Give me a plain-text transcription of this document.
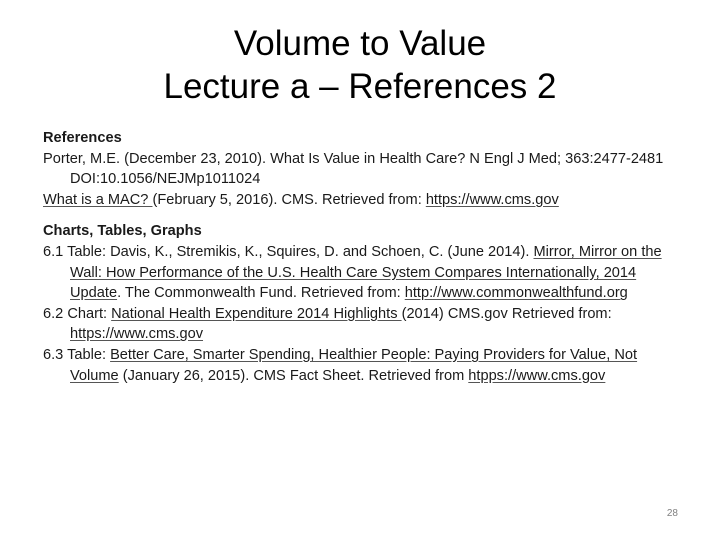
Volume to Value
Lecture a – References 2

References

Porter, M.E. (December 23, 2010). What Is Value in Health Care? N Engl J Med; 363:2477-2481 DOI:10.1056/NEJMp1011024

What is a MAC? (February 5, 2016). CMS. Retrieved from: https://www.cms.gov

Charts, Tables, Graphs

6.1 Table: Davis, K., Stremikis, K., Squires, D. and Schoen, C. (June 2014). Mirror, Mirror on the Wall: How Performance of the U.S. Health Care System Compares Internationally, 2014 Update. The Commonwealth Fund. Retrieved from: http://www.commonwealthfund.org

6.2 Chart: National Health Expenditure 2014 Highlights (2014) CMS.gov Retrieved from: https://www.cms.gov

6.3 Table: Better Care, Smarter Spending, Healthier People: Paying Providers for Value, Not Volume (January 26, 2015). CMS Fact Sheet. Retrieved from htpps://www.cms.gov

28
